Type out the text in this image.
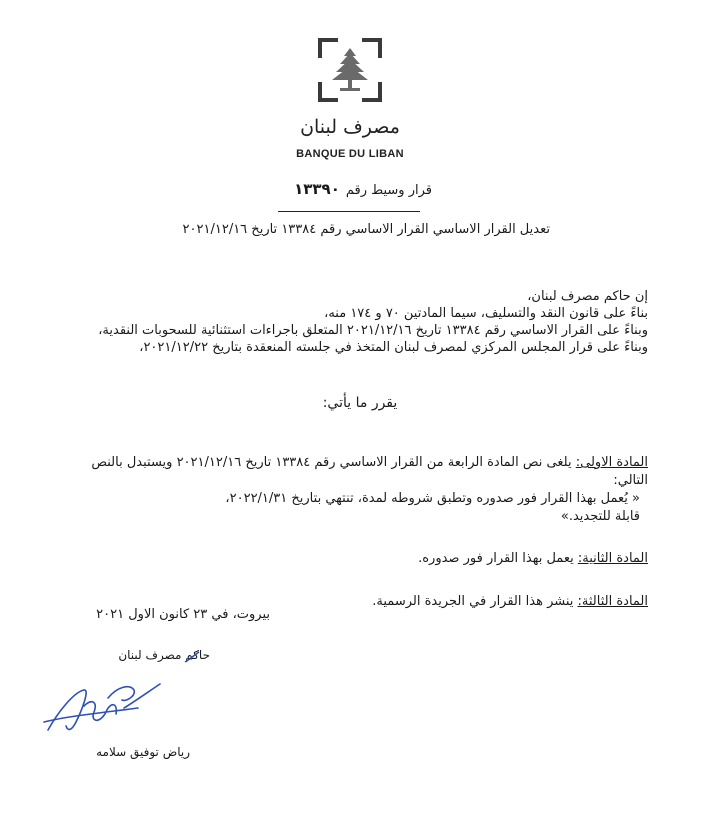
مصرف لبنان
BANQUE DU LIBAN
قرار وسيط رقم١٣٣٩٠
تعديل القرار الاساسي القرار الاساسي رقم ١٣٣٨٤ تاريخ ٢٠٢١/١٢/١٦
إن حاكم مصرف لبنان،
بناءً على قانون النقد والتسليف، سيما المادتين ٧٠ و ١٧٤ منه،
وبناءً على القرار الاساسي رقم ١٣٣٨٤ تاريخ ٢٠٢١/١٢/١٦ المتعلق باجراءات استثنائية للسحوبات النقدية،
وبناءً على قرار المجلس المركزي لمصرف لبنان المتخذ في جلسته المنعقدة بتاريخ ٢٠٢١/١٢/٢٢،
يقرر ما يأتي:
المادة الاولى: يلغى نص المادة الرابعة من القرار الاساسي رقم ١٣٣٨٤ تاريخ ٢٠٢١/١٢/١٦ ويستبدل بالنص التالي:
« يُعمل بهذا القرار فور صدوره وتطبق شروطه لمدة، تنتهي بتاريخ ٢٠٢٢/١/٣١،
قابلة للتجديد.»
المادة الثانية: يعمل بهذا القرار فور صدوره.
المادة الثالثة: ينشر هذا القرار في الجريدة الرسمية.
بيروت، في ٢٣ كانون الاول ٢٠٢١
حاكم مصرف لبنان
رياض توفيق سلامه
